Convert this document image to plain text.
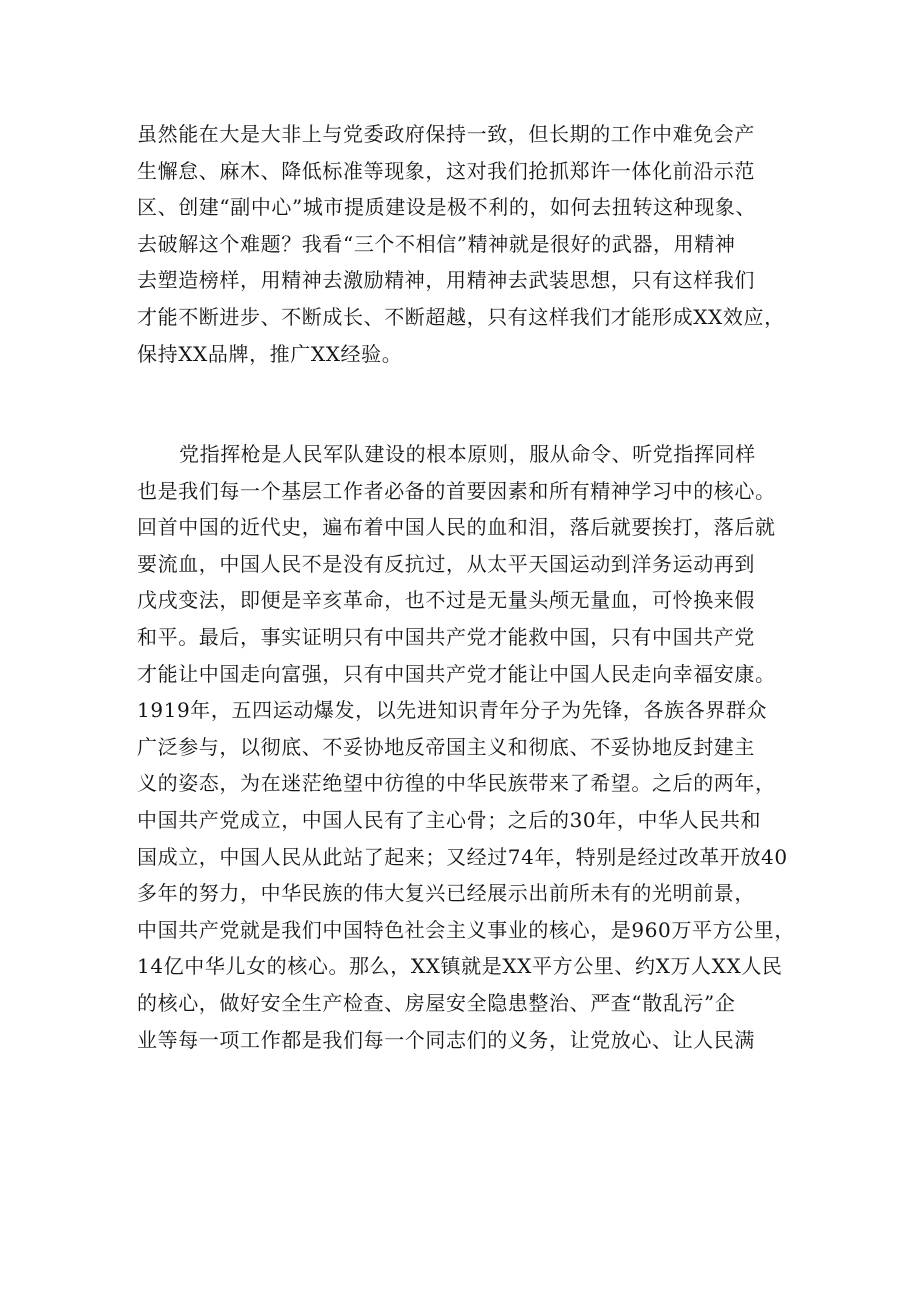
虽然能在大是大非上与党委政府保持一致，但长期的工作中难免会产
生懈怠、麻木、降低标准等现象，这对我们抢抓郑许一体化前沿示范
区、创建“副中心”城市提质建设是极不利的，如何去扭转这种现象、
去破解这个难题？我看“三个不相信”精神就是很好的武器，用精神
去塑造榜样，用精神去激励精神，用精神去武装思想，只有这样我们
才能不断进步、不断成长、不断超越，只有这样我们才能形成XX效应，
保持XX品牌，推广XX经验。
党指挥枪是人民军队建设的根本原则，服从命令、听党指挥同样
也是我们每一个基层工作者必备的首要因素和所有精神学习中的核心。
回首中国的近代史，遍布着中国人民的血和泪，落后就要挨打，落后就
要流血，中国人民不是没有反抗过，从太平天国运动到洋务运动再到
戊戌变法，即便是辛亥革命，也不过是无量头颅无量血，可怜换来假
和平。最后，事实证明只有中国共产党才能救中国，只有中国共产党
才能让中国走向富强，只有中国共产党才能让中国人民走向幸福安康。
1919年，五四运动爆发，以先进知识青年分子为先锋，各族各界群众
广泛参与，以彻底、不妥协地反帝国主义和彻底、不妥协地反封建主
义的姿态，为在迷茫绝望中彷徨的中华民族带来了希望。之后的两年，
中国共产党成立，中国人民有了主心骨；之后的30年，中华人民共和
国成立，中国人民从此站了起来；又经过74年，特别是经过改革开放40
多年的努力，中华民族的伟大复兴已经展示出前所未有的光明前景，
中国共产党就是我们中国特色社会主义事业的核心，是960万平方公里，
14亿中华儿女的核心。那么，XX镇就是XX平方公里、约X万人XX人民
的核心，做好安全生产检查、房屋安全隐患整治、严查“散乱污”企
业等每一项工作都是我们每一个同志们的义务，让党放心、让人民满
